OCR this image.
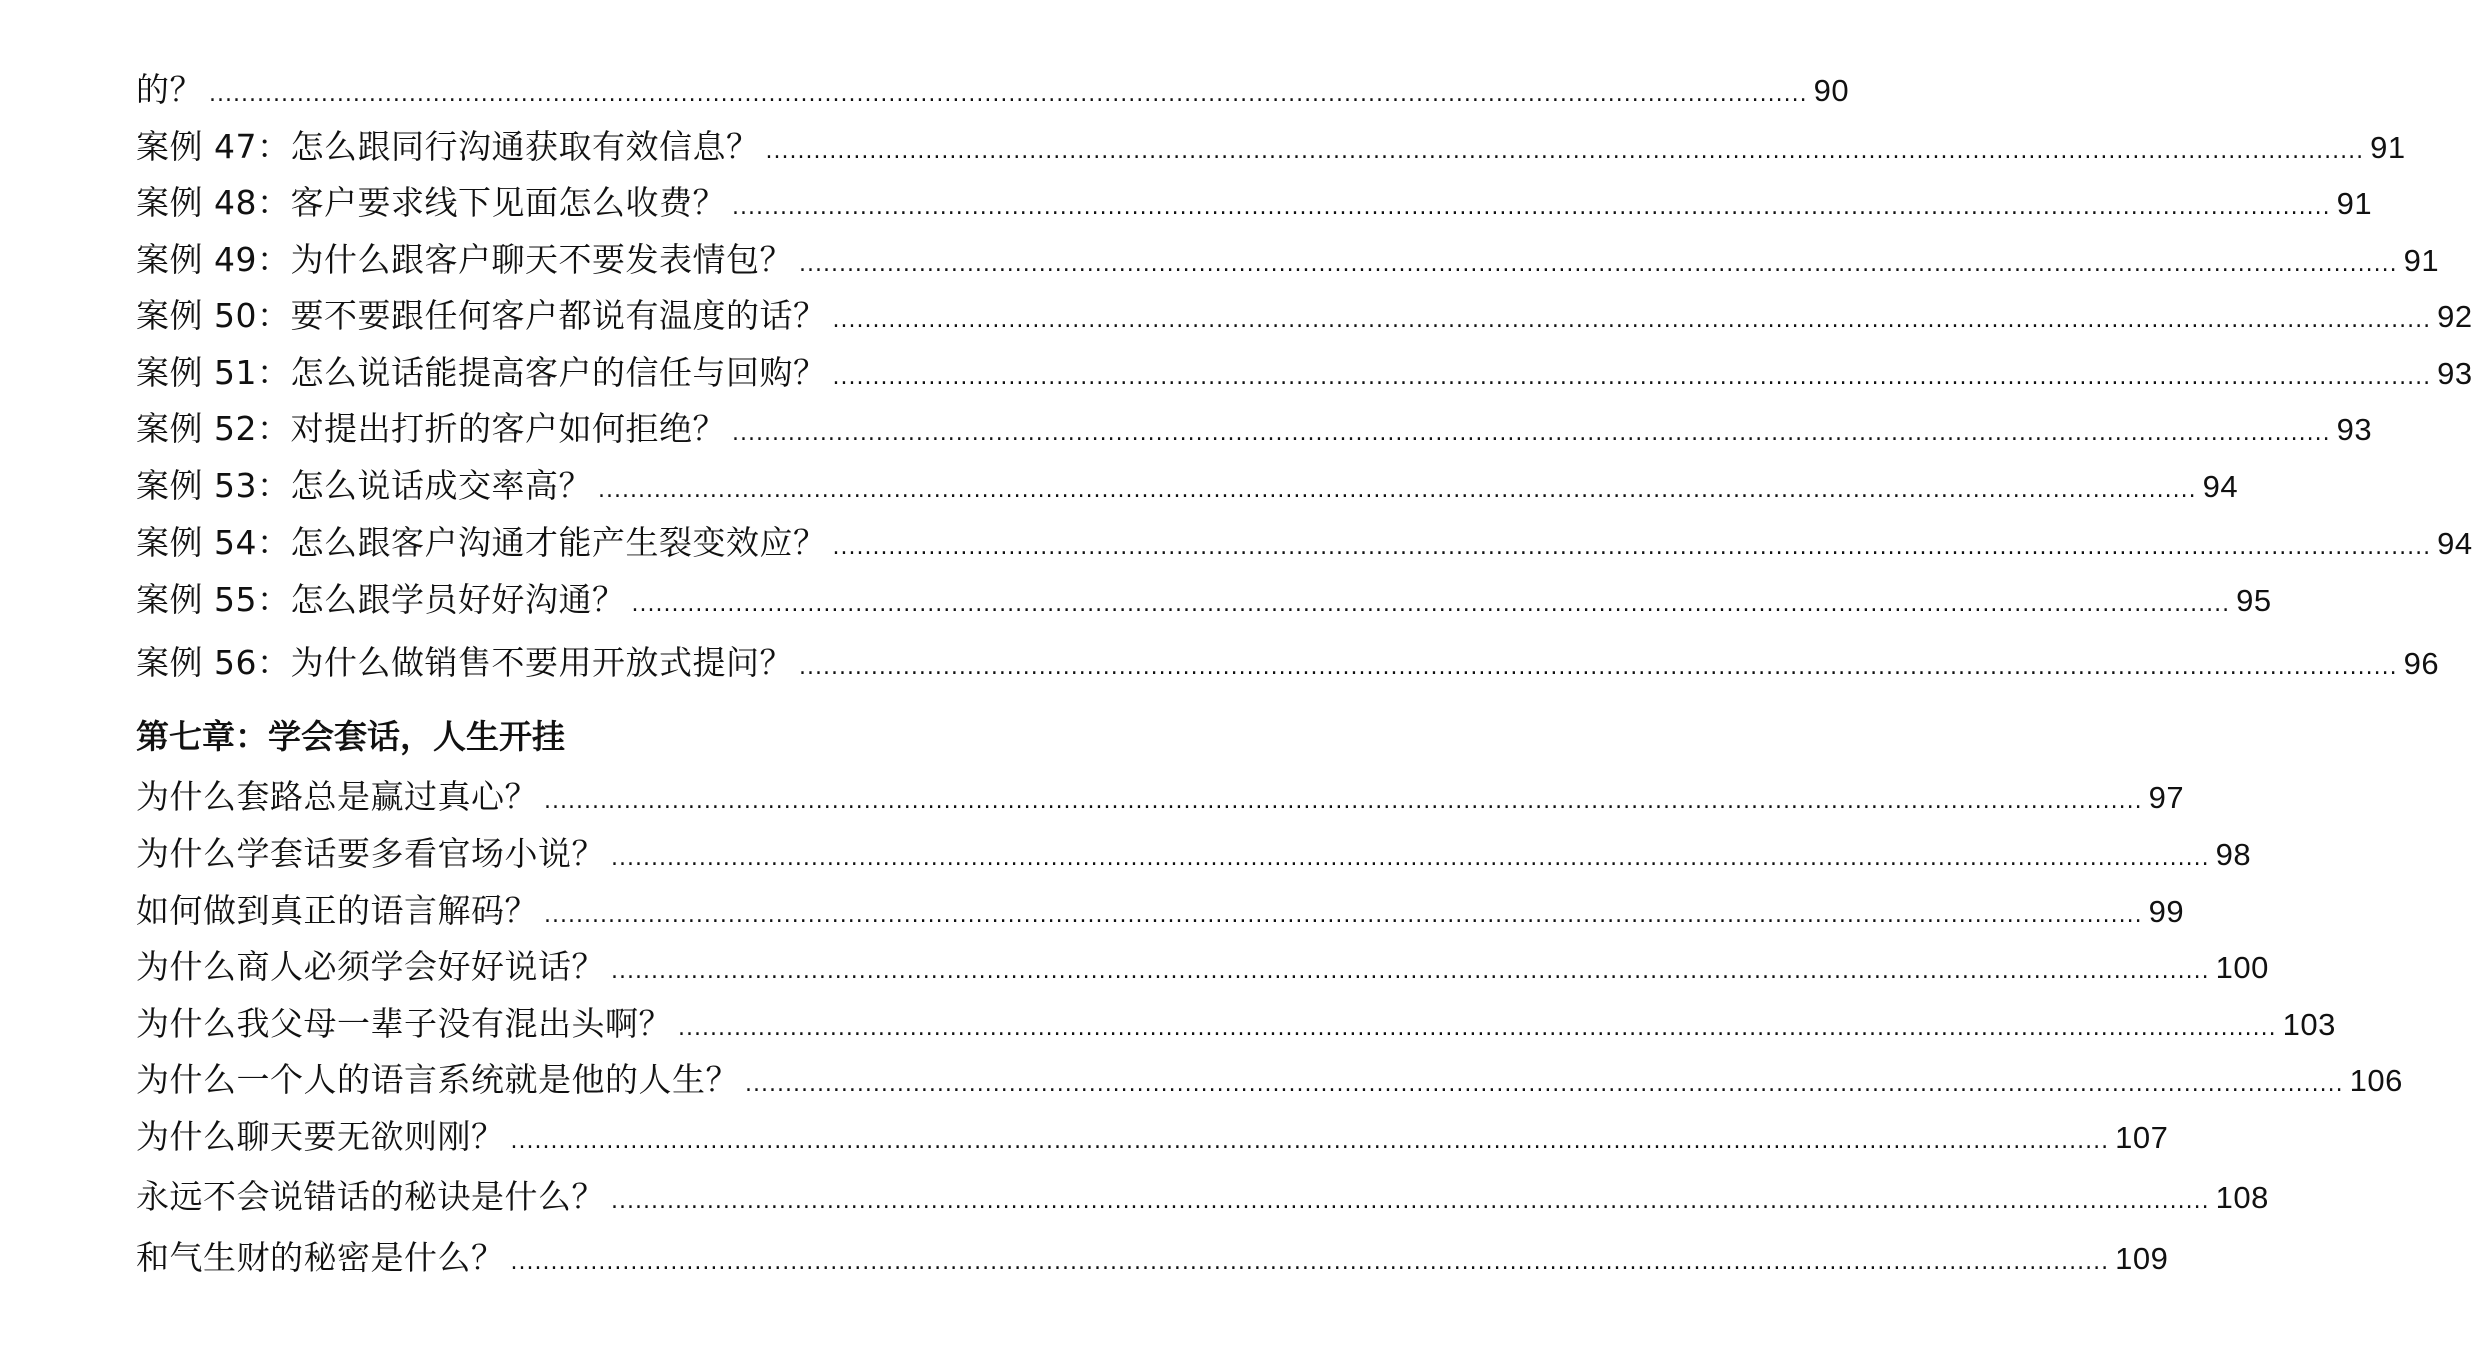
的？ ........................................................................................................................................................................................................ 90
案例 47：怎么跟同行沟通获取有效信息？ ........................................................................................................................................................................................................ 91
案例 48：客户要求线下见面怎么收费？ ........................................................................................................................................................................................................ 91
案例 49：为什么跟客户聊天不要发表情包？ ........................................................................................................................................................................................................ 91
案例 50：要不要跟任何客户都说有温度的话？ ........................................................................................................................................................................................................ 92
案例 51：怎么说话能提高客户的信任与回购？ ........................................................................................................................................................................................................ 93
案例 52：对提出打折的客户如何拒绝？ ........................................................................................................................................................................................................ 93
案例 53：怎么说话成交率高？ ........................................................................................................................................................................................................ 94
案例 54：怎么跟客户沟通才能产生裂变效应？ ........................................................................................................................................................................................................ 94
案例 55：怎么跟学员好好沟通？ ........................................................................................................................................................................................................ 95
案例 56：为什么做销售不要用开放式提问？ ........................................................................................................................................................................................................ 96
第七章：学会套话，人生开挂
为什么套路总是赢过真心？ ........................................................................................................................................................................................................ 97
为什么学套话要多看官场小说？ ........................................................................................................................................................................................................ 98
如何做到真正的语言解码？ ........................................................................................................................................................................................................ 99
为什么商人必须学会好好说话？ ........................................................................................................................................................................................................ 100
为什么我父母一辈子没有混出头啊？ ........................................................................................................................................................................................................ 103
为什么一个人的语言系统就是他的人生？ ........................................................................................................................................................................................................ 106
为什么聊天要无欲则刚？ ........................................................................................................................................................................................................ 107
永远不会说错话的秘诀是什么？ ........................................................................................................................................................................................................ 108
和气生财的秘密是什么？ ........................................................................................................................................................................................................ 109
